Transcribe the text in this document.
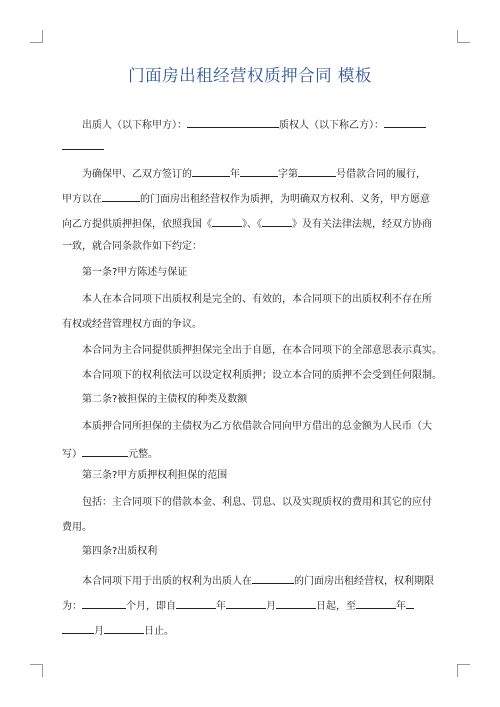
门面房出租经营权质押合同 模板
出质人（以下称甲方）：	质权人（以下称乙方）：
为确保甲、乙双方签订的	年	字第	号借款合同的履行，
甲方以在	的门面房出租经营权作为质押，为明确双方权利、义务，甲方愿意
向乙方提供质押担保，依照我国《	》、《	》及有关法律法规，经双方协商
一致，就合同条款作如下约定：
第一条?甲方陈述与保证
本人在本合同项下出质权利是完全的、有效的，本合同项下的出质权利不存在所
有权或经营管理权方面的争议。
本合同为主合同提供质押担保完全出于自愿，在本合同项下的全部意思表示真实。
本合同项下的权利依法可以设定权利质押；设立本合同的质押不会受到任何限制。
第二条?被担保的主债权的种类及数额
本质押合同所担保的主债权为乙方依借款合同向甲方借出的总金额为人民币（大
写）	元整。
第三条?甲方质押权利担保的范围
包括：主合同项下的借款本金、利息、罚息、以及实现质权的费用和其它的应付
费用。
第四条?出质权利
本合同项下用于出质的权利为出质人在	的门面房出租经营权，权利期限
为：	个月，即自	年	月	日起，至	年
月	日止。
